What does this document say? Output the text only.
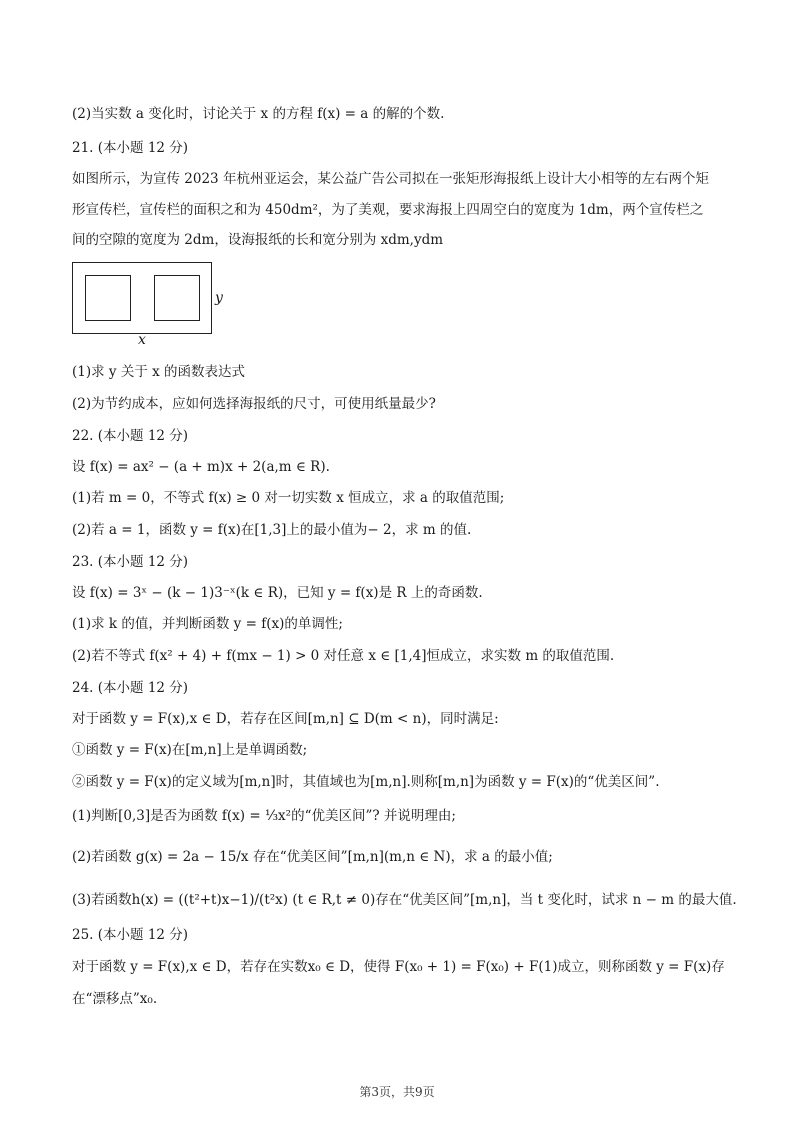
(2)当实数 a 变化时，讨论关于 x 的方程 f(x) = a 的解的个数.
21. (本小题 12 分)
如图所示，为宣传 2023 年杭州亚运会，某公益广告公司拟在一张矩形海报纸上设计大小相等的左右两个矩
形宣传栏，宣传栏的面积之和为 450dm²，为了美观，要求海报上四周空白的宽度为 1dm，两个宣传栏之
间的空隙的宽度为 2dm，设海报纸的长和宽分别为 xdm,ydm
y
x
(1)求 y 关于 x 的函数表达式
(2)为节约成本，应如何选择海报纸的尺寸，可使用纸量最少?
22. (本小题 12 分)
设 f(x) = ax² − (a + m)x + 2(a,m ∈ R).
(1)若 m = 0，不等式 f(x) ≥ 0 对一切实数 x 恒成立，求 a 的取值范围;
(2)若 a = 1，函数 y = f(x)在[1,3]上的最小值为− 2，求 m 的值.
23. (本小题 12 分)
设 f(x) = 3ˣ − (k − 1)3⁻ˣ(k ∈ R)，已知 y = f(x)是 R 上的奇函数.
(1)求 k 的值，并判断函数 y = f(x)的单调性;
(2)若不等式 f(x² + 4) + f(mx − 1) > 0 对任意 x ∈ [1,4]恒成立，求实数 m 的取值范围.
24. (本小题 12 分)
对于函数 y = F(x),x ∈ D，若存在区间[m,n] ⊆ D(m < n)，同时满足:
①函数 y = F(x)在[m,n]上是单调函数;
②函数 y = F(x)的定义域为[m,n]时，其值域也为[m,n].则称[m,n]为函数 y = F(x)的“优美区间”.
(1)判断[0,3]是否为函数 f(x) = ⅓x²的“优美区间”? 并说明理由;
(2)若函数 g(x) = 2a − 15/x 存在“优美区间”[m,n](m,n ∈ N)，求 a 的最小值;
(3)若函数h(x) = ((t²+t)x−1)/(t²x) (t ∈ R,t ≠ 0)存在“优美区间”[m,n]，当 t 变化时，试求 n − m 的最大值.
25. (本小题 12 分)
对于函数 y = F(x),x ∈ D，若存在实数x₀ ∈ D，使得 F(x₀ + 1) = F(x₀) + F(1)成立，则称函数 y = F(x)存
在“漂移点”x₀.
第3页，共9页
